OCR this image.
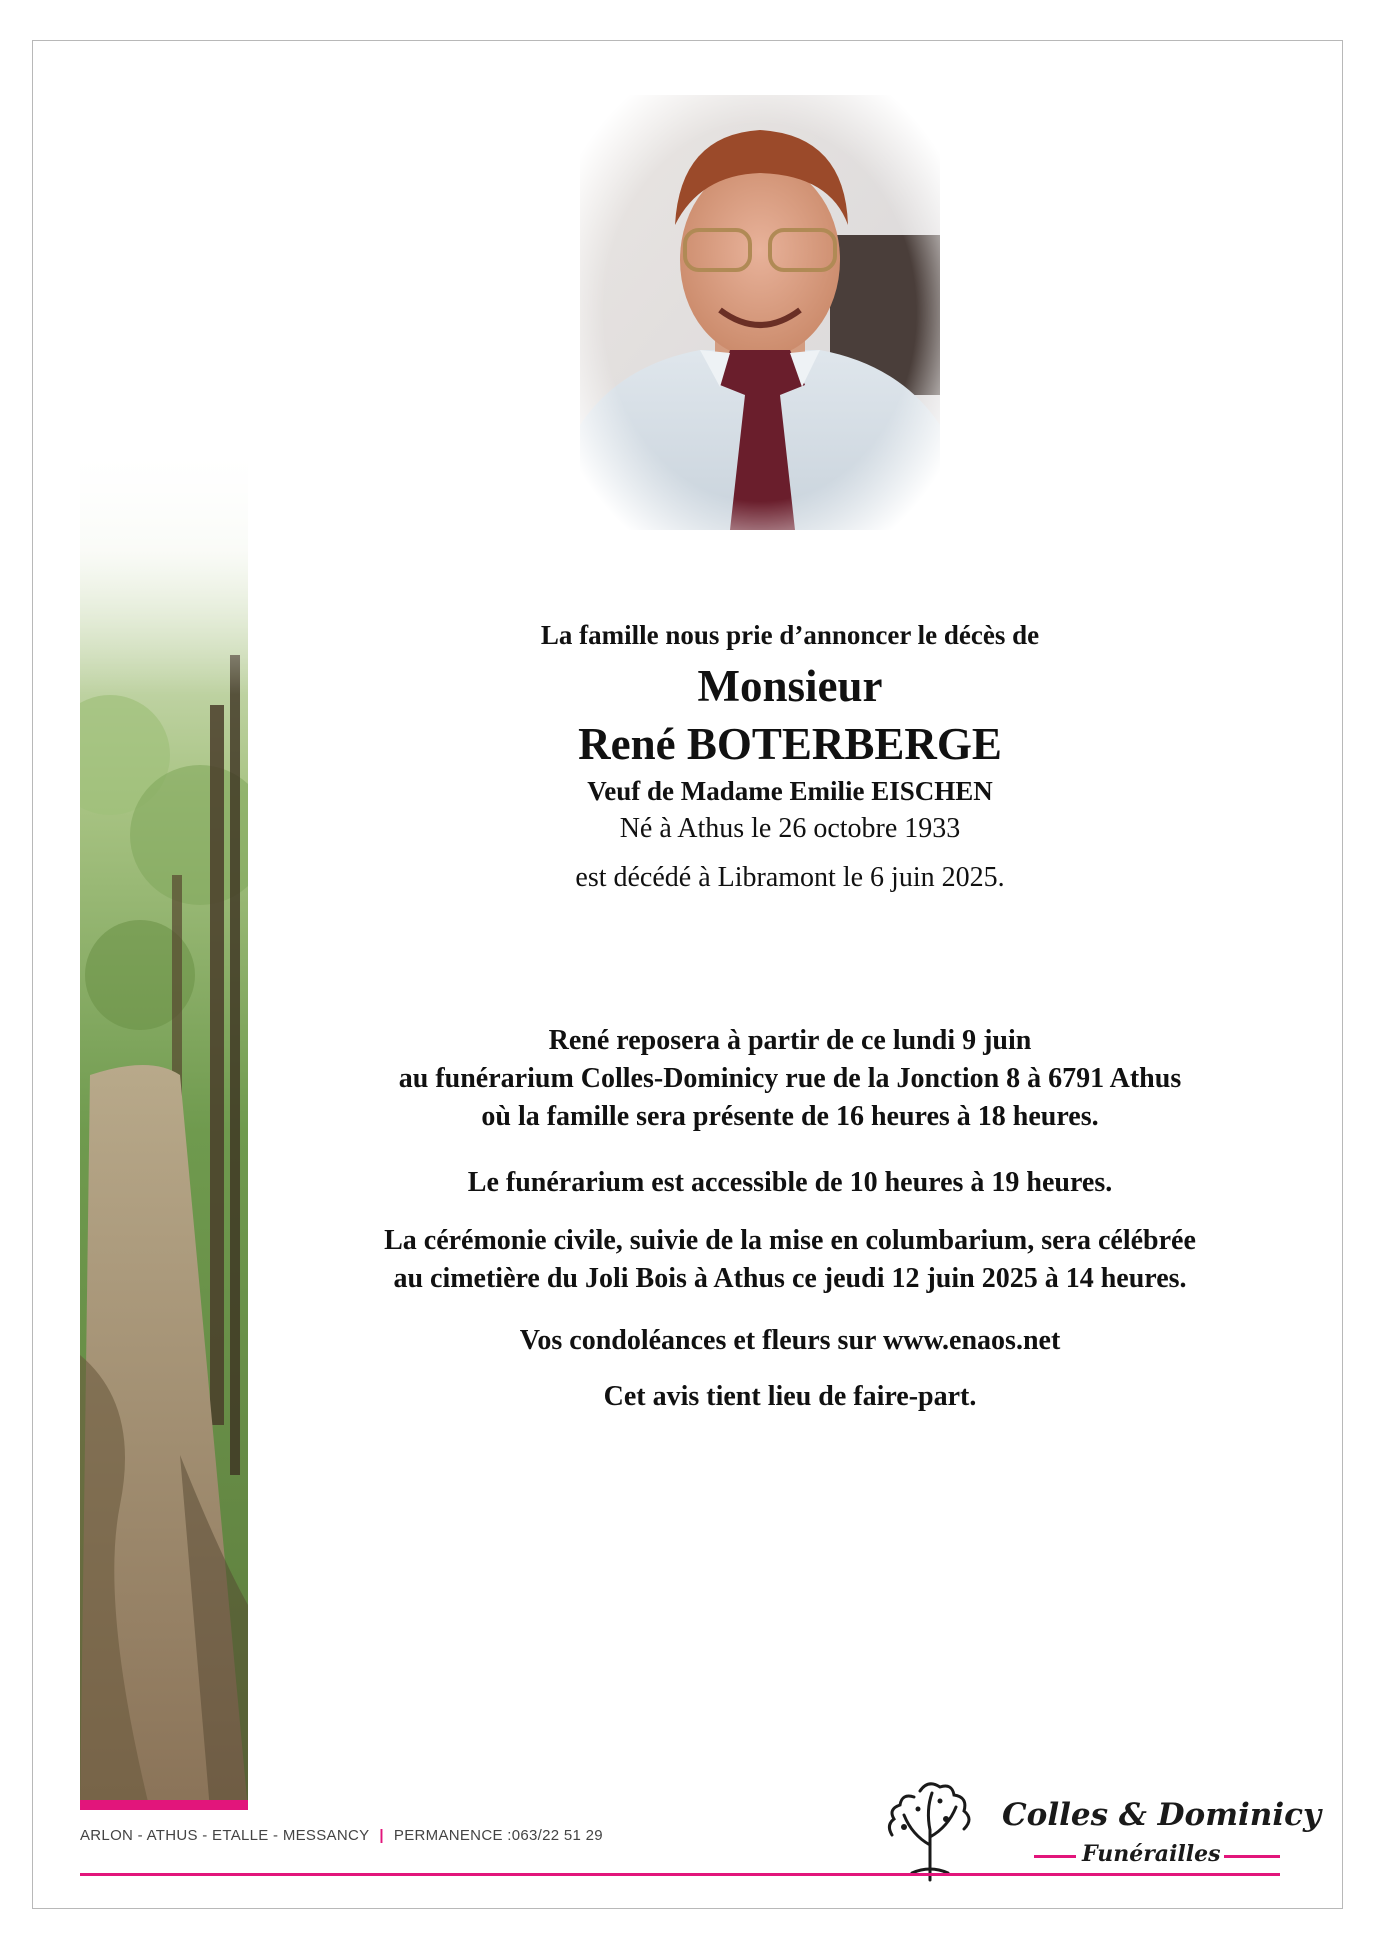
La famille nous prie d’annoncer le décès de
Monsieur
René BOTERBERGE
Veuf de Madame Emilie EISCHEN
Né à Athus le 26 octobre 1933
est décédé à Libramont le 6 juin 2025.
René reposera à partir de ce lundi 9 juin
au funérarium Colles-Dominicy rue de la Jonction 8 à 6791 Athus
où la famille sera présente de 16 heures à 18 heures.
Le funérarium est accessible de 10 heures à 19 heures.
La cérémonie civile, suivie de la mise en columbarium, sera célébrée
au cimetière du Joli Bois à Athus ce jeudi 12 juin 2025 à 14 heures.
Vos condoléances et fleurs sur www.enaos.net
Cet avis tient lieu de faire-part.
ARLON - ATHUS - ETALLE - MESSANCY | PERMANENCE :063/22 51 29
Colles & Dominicy
Funérailles
